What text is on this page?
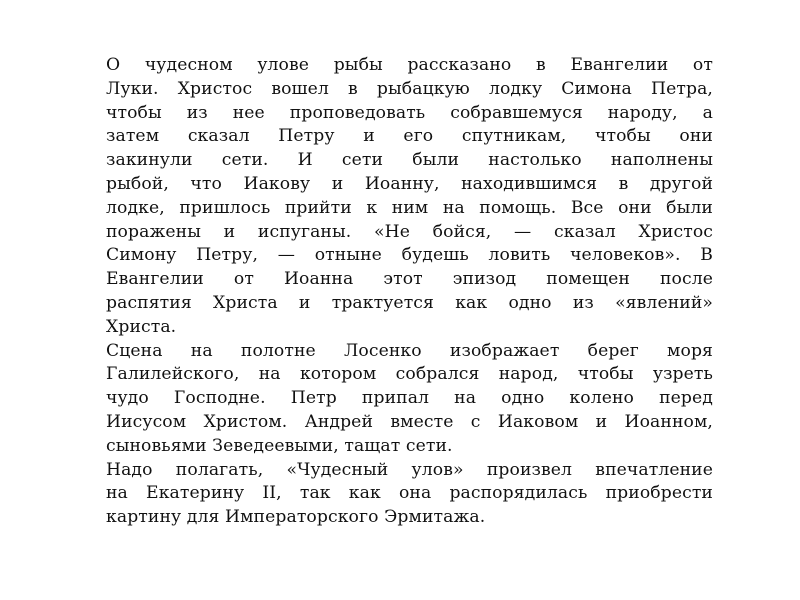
О чудесном улове рыбы рассказано в Евангелии от
Луки. Христос вошел в рыбацкую лодку Симона Петра,
чтобы из нее проповедовать собравшемуся народу, а
затем сказал Петру и его спутникам, чтобы они
закинули сети. И сети были настолько наполнены
рыбой, что Иакову и Иоанну, находившимся в другой
лодке, пришлось прийти к ним на помощь. Все они были
поражены и испуганы. «Не бойся, — сказал Христос
Симону Петру, — отныне будешь ловить человеков». В
Евангелии от Иоанна этот эпизод помещен после
распятия Христа и трактуется как одно из «явлений»
Христа.
Сцена на полотне Лосенко изображает берег моря
Галилейского, на котором собрался народ, чтобы узреть
чудо Господне. Петр припал на одно колено перед
Иисусом Христом. Андрей вместе с Иаковом и Иоанном,
сыновьями Зеведеевыми, тащат сети.
Надо полагать, «Чудесный улов» произвел впечатление
на Екатерину II, так как она распорядилась приобрести
картину для Императорского Эрмитажа.
